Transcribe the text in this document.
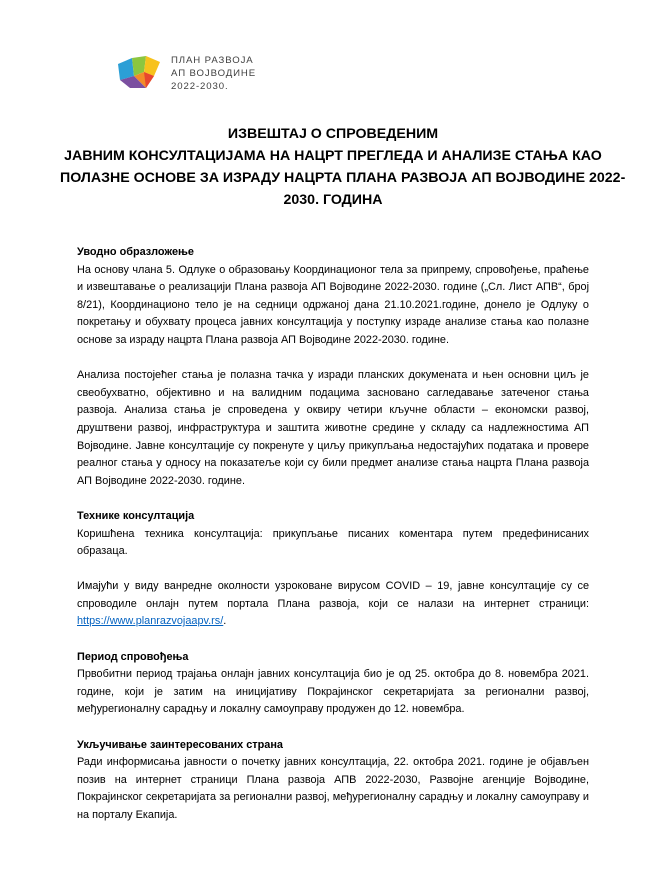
ПЛАН РАЗВОЈА
АП ВОЈВОДИНЕ
2022-2030.
ИЗВЕШТАЈ О СПРОВЕДЕНИМ
ЈАВНИМ КОНСУЛТАЦИЈАМА НА НАЦРТ ПРЕГЛЕДА И АНАЛИЗЕ СТАЊА КАО
ПОЛАЗНЕ ОСНОВЕ ЗА ИЗРАДУ НАЦРТА ПЛАНА РАЗВОЈА АП ВОЈВОДИНЕ 2022-
2030. ГОДИНА
Уводно образложење

На основу члана 5. Одлуке о образовању Координационог тела за припрему, спровођење, праћење и извештавање о реализацији Плана развоја АП Војводине 2022-2030. године („Сл. Лист АПВ“, број 8/21), Координационо тело је на седници одржаној дана 21.10.2021.године, донело је Одлуку о покретању и обухвату процеса јавних консултација у поступку израде анализе стања као полазне основе за израду нацрта Плана развоја АП Војводине 2022-2030. године.

Анализа постојећег стања је полазна тачка у изради планских докумената и њен основни циљ је свеобухватно, објективно и на валидним подацима засновано сагледавање затеченог стања развоја. Анализа стања је спроведена у оквиру четири кључне области – економски развој, друштвени развој, инфраструктура и заштита животне средине у складу са надлежностима АП Војводине. Јавне консултације су покренуте у циљу прикупљања недостајућих података и провере реалног стања у односу на показатеље који су били предмет анализе стања нацрта Плана развоја АП Војводине 2022-2030. године.

Технике консултација

Коришћена техника консултација: прикупљање писаних коментара путем предефинисаних образаца.

Имајући у виду ванредне околности узроковане вирусом COVID – 19, јавне консултације су се спроводиле онлајн путем портала Плана развоја, који се налази на интернет страници: https://www.planrazvojaapv.rs/.

Период спровођења

Првобитни период трајања онлајн јавних консултација био је од 25. октобра до 8. новембра 2021. године, који је затим на иницијативу Покрајинског секретаријата за регионални развој, међурегионалну сарадњу и локалну самоуправу продужен до 12. новембра.

Укључивање заинтересованих страна

Ради информисања јавности о почетку јавних консултација, 22. октобра 2021. године је објављен позив на интернет страници Плана развоја АПВ 2022-2030, Развојне агенције Војводине, Покрајинског секретаријата за регионални развој, међурегионалну сарадњу и локалну самоуправу и на порталу Екапија.
